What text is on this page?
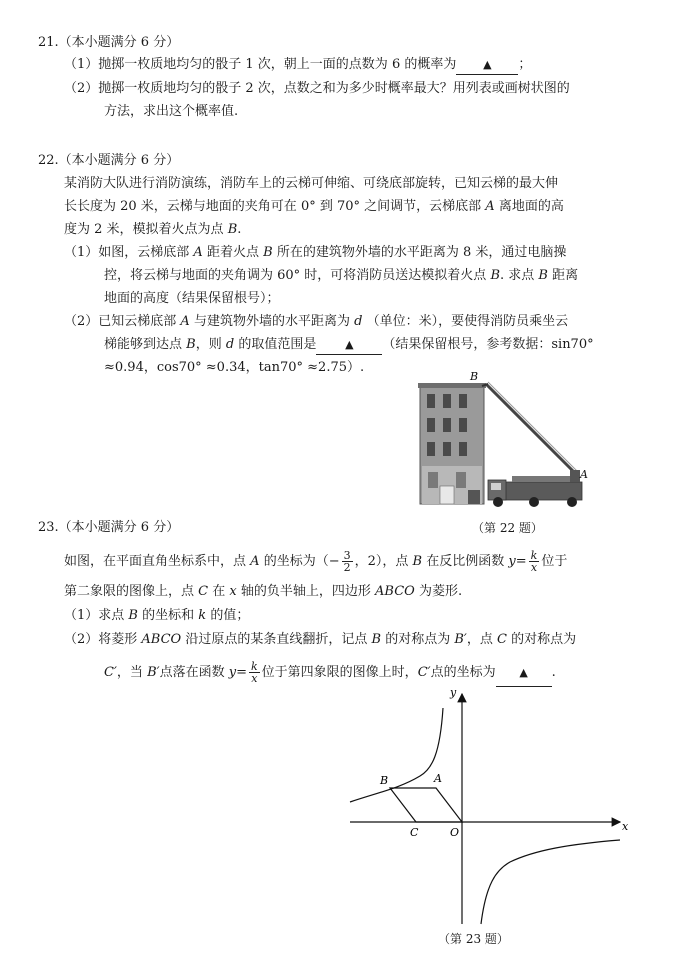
21.（本小题满分 6 分）
（1）抛掷一枚质地均匀的骰子 1 次，朝上一面的点数为 6 的概率为 ▲ ；
（2）抛掷一枚质地均匀的骰子 2 次，点数之和为多少时概率最大？用列表或画树状图的
方法，求出这个概率值.
22.（本小题满分 6 分）
某消防大队进行消防演练，消防车上的云梯可伸缩、可绕底部旋转，已知云梯的最大伸
长长度为 20 米，云梯与地面的夹角可在 0° 到 70° 之间调节，云梯底部 A 离地面的高
度为 2 米，模拟着火点为点 B.
（1）如图，云梯底部 A 距着火点 B 所在的建筑物外墙的水平距离为 8 米，通过电脑操
控，将云梯与地面的夹角调为 60° 时，可将消防员送达模拟着火点 B. 求点 B 距离
地面的高度（结果保留根号）；
（2）已知云梯底部 A 与建筑物外墙的水平距离为 d （单位：米），要使得消防员乘坐云
梯能够到达点 B，则 d 的取值范围是	▲ （结果保留根号，参考数据：sin70°
≈0.94，cos70° ≈0.34，tan70° ≈2.75）.
B
A
（第 22 题）
23.（本小题满分 6 分）
如图，在平面直角坐标系中，点 A 的坐标为（− $\frac{3}{2}$ ，2），点 B 在反比例函数 $y= \frac{k}{x}$ 位于
第二象限的图像上，点 C 在 x 轴的负半轴上，四边形 ABCO 为菱形.
（1）求点 B 的坐标和 k 的值；
（2）将菱形 ABCO 沿过原点的某条直线翻折，记点 B 的对称点为 B′，点 C 的对称点为
C′，当 B′点落在函数 $y= \frac{k}{x}$ 位于第四象限的图像上时，C′点的坐标为 ▲ .
y
x
B	A
C	O
（第 23 题）
